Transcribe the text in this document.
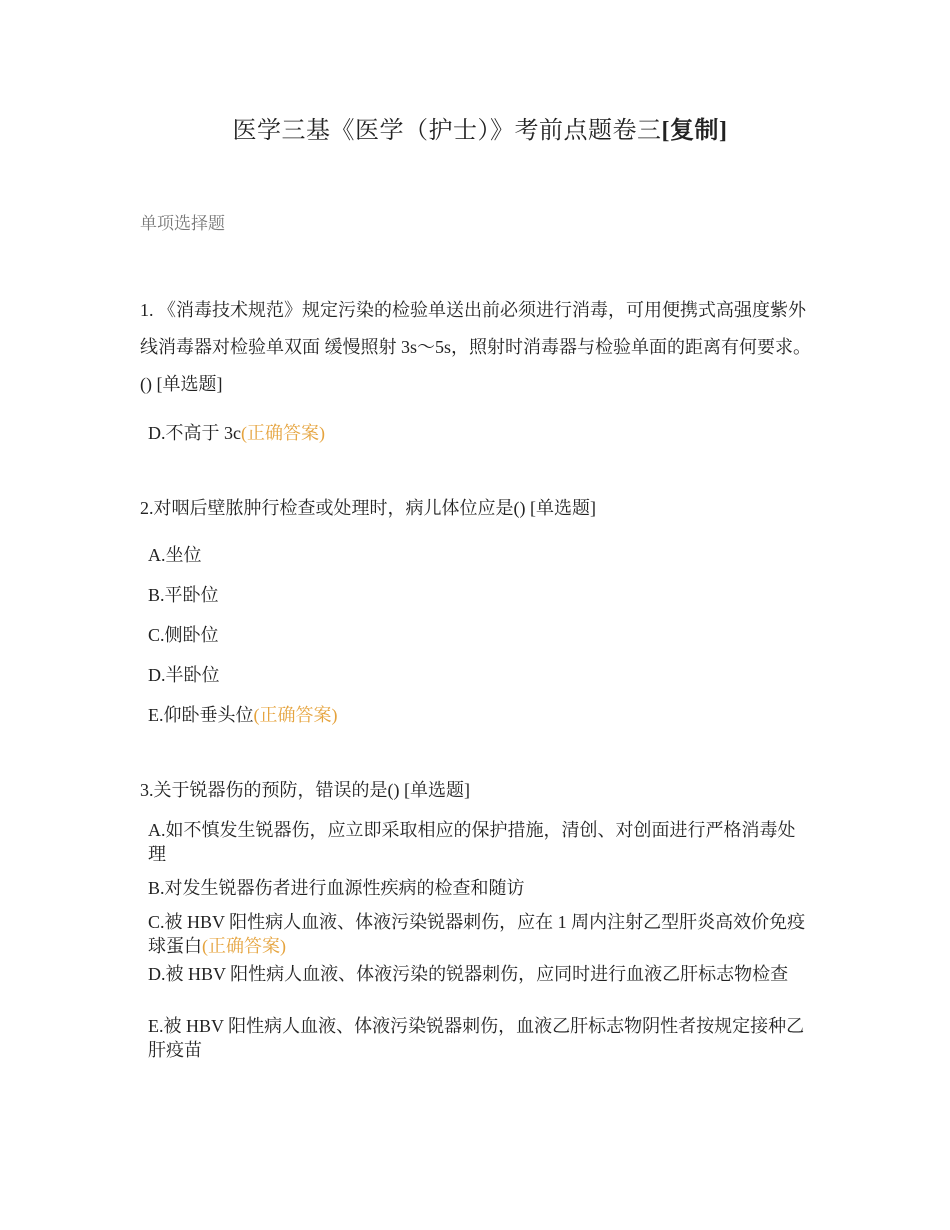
医学三基《医学（护士）》考前点题卷三[复制]
单项选择题
1. 《消毒技术规范》规定污染的检验单送出前必须进行消毒，可用便携式高强度紫外线消毒器对检验单双面 缓慢照射 3s～5s，照射时消毒器与检验单面的距离有何要求。() [单选题]
D.不高于 3c(正确答案)
2.对咽后壁脓肿行检查或处理时，病儿体位应是() [单选题]
A.坐位
B.平卧位
C.侧卧位
D.半卧位
E.仰卧垂头位(正确答案)
3.关于锐器伤的预防，错误的是() [单选题]
A.如不慎发生锐器伤，应立即采取相应的保护措施，清创、对创面进行严格消毒处理
B.对发生锐器伤者进行血源性疾病的检查和随访
C.被 HBV 阳性病人血液、体液污染锐器刺伤，应在 1 周内注射乙型肝炎高效价免疫球蛋白(正确答案)
D.被 HBV 阳性病人血液、体液污染的锐器刺伤，应同时进行血液乙肝标志物检查
E.被 HBV 阳性病人血液、体液污染锐器刺伤，血液乙肝标志物阴性者按规定接种乙肝疫苗
